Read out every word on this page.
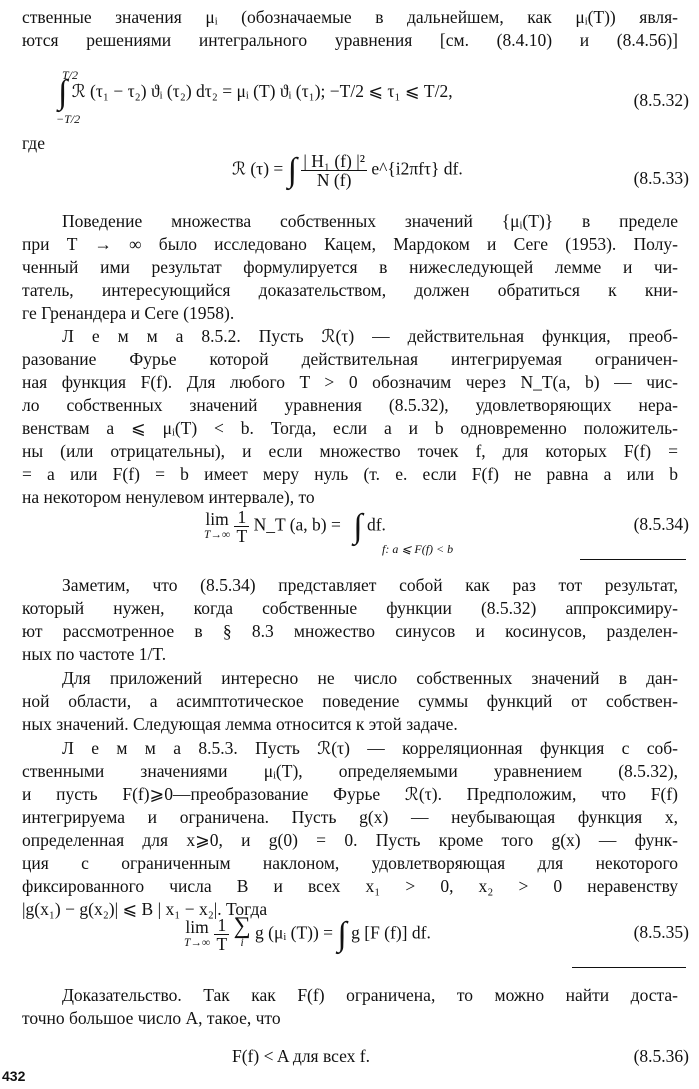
ственные значения μᵢ (обозначаемые в дальнейшем, как μᵢ(T)) явля-
ются решениями интегрального уравнения [см. (8.4.10) и (8.4.56)]
T/2
∫ ℛ (τ₁ − τ₂) ϑᵢ (τ₂) dτ₂ = μᵢ (T) ϑᵢ (τ₁); −T/2 ⩽ τ₁ ⩽ T/2,
−T/2
(8.5.32)
где
ℛ (τ) = ∫ $\frac{\text{| H₁ (f) |²}}{N (f)}$ e^{i2πfτ} df.	(8.5.33)
Поведение множества собственных значений {μᵢ(T)} в пределе
при T → ∞ было исследовано Кацем, Мардоком и Сеге (1953). Полу-
ченный ими результат формулируется в нижеследующей лемме и чи-
татель, интересующийся доказательством, должен обратиться к кни-
ге Гренандера и Сеге (1958).
Л е м м а 8.5.2. Пусть ℛ(τ) — действительная функция, преоб-
разование Фурье которой действительная интегрируемая ограничен-
ная функция F(f). Для любого T > 0 обозначим через N_T(a, b) — чис-
ло собственных значений уравнения (8.5.32), удовлетворяющих нера-
венствам a ⩽ μᵢ(T) < b. Тогда, если a и b одновременно положитель-
ны (или отрицательны), и если множество точек f, для которых F(f) =
= a или F(f) = b имеет меру нуль (т. е. если F(f) не равна a или b
на некотором ненулевом интервале), то
lim
T→∞
$\frac{1}{T}$ N_T (a, b) = ∫ df.
f: a ⩽ F(f) < b
(8.5.34)
Заметим, что (8.5.34) представляет собой как раз тот результат,
который нужен, когда собственные функции (8.5.32) аппроксимиру-
ют рассмотренное в § 8.3 множество синусов и косинусов, разделен-
ных по частоте 1/T.
Для приложений интересно не число собственных значений в дан-
ной области, а асимптотическое поведение суммы функций от собствен-
ных значений. Следующая лемма относится к этой задаче.
Л е м м а 8.5.3. Пусть ℛ(τ) — корреляционная функция с соб-
ственными значениями μᵢ(T), определяемыми уравнением (8.5.32),
и пусть F(f)⩾0—преобразование Фурье ℛ(τ). Предположим, что F(f)
интегрируема и ограничена. Пусть g(x) — неубывающая функция x,
определенная для x⩾0, и g(0) = 0. Пусть кроме того g(x) — функ-
ция с ограниченным наклоном, удовлетворяющая для некоторого
фиксированного числа B и всех x₁ > 0, x₂ > 0 неравенству
|g(x₁) − g(x₂)| ⩽ B | x₁ − x₂|. Тогда
lim
T→∞
$\frac{1}{T}$ ∑
i
g (μᵢ (T)) = ∫ g [F (f)] df.	(8.5.35)
Доказательство. Так как F(f) ограничена, то можно найти доста-
точно большое число A, такое, что
F(f) < A для всех f.	(8.5.36)
432
